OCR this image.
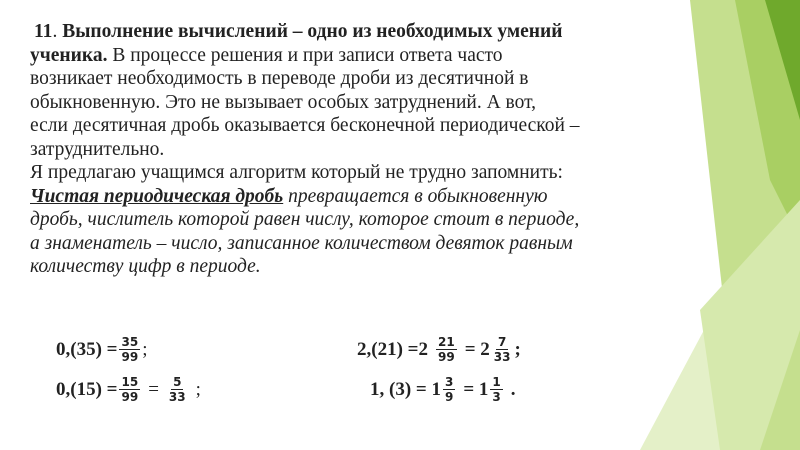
11. Выполнение вычислений – одно из необходимых умений

ученика. В процессе решения и при записи ответа часто

возникает необходимость в переводе дроби из десятичной в

обыкновенную. Это не вызывает особых затруднений. А вот,

если десятичная дробь оказывается бесконечной периодической –

затруднительно.

Я предлагаю учащимся алгоритм который не трудно запомнить:

Чистая периодическая дробь превращается в обыкновенную

дробь, числитель которой равен числу, которое стоит в периоде,

а знаменатель – число, записанное количеством девяток равным

количеству цифр в периоде.

$0,(35) = \frac{35}{99}$ ;	$2,(21) =2 \frac{21}{99} = 2 \frac{7}{33}$ ;
$0,(15) = \frac{15}{99} = \frac{5}{33}$ ;	1, $(3) = 1 \frac{3}{9} = 1 \frac{1}{3}$ .
